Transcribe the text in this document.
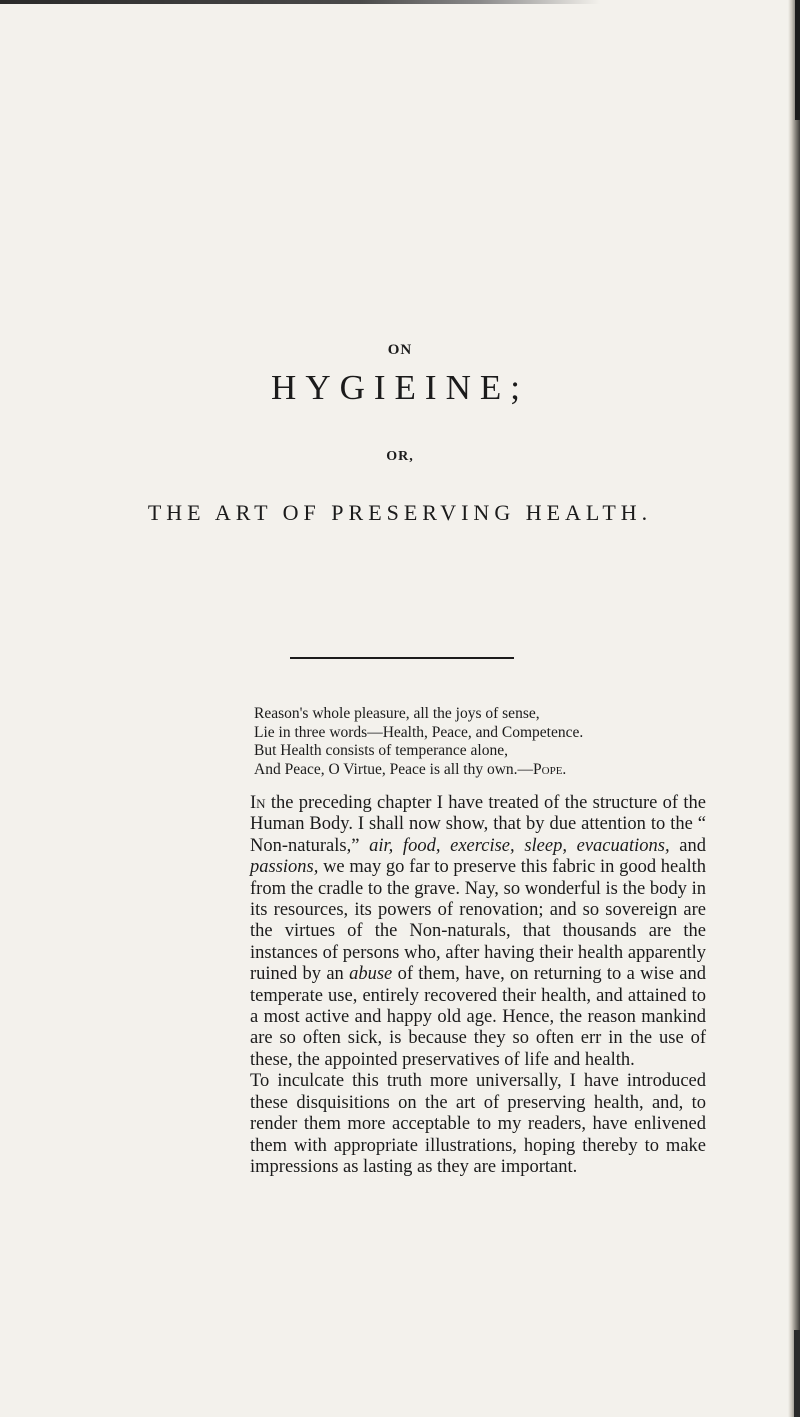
ON
HYGIEINE;
OR,
THE ART OF PRESERVING HEALTH.
Reason's whole pleasure, all the joys of sense,
Lie in three words—Health, Peace, and Competence.
But Health consists of temperance alone,
And Peace, O Virtue, Peace is all thy own.—Pope.

In the preceding chapter I have treated of the structure of the Human Body. I shall now show, that by due attention to the “ Non-naturals,” air, food, exercise, sleep, evacuations, and passions, we may go far to preserve this fabric in good health from the cradle to the grave. Nay, so wonderful is the body in its resources, its powers of renovation; and so sovereign are the virtues of the Non-naturals, that thousands are the instances of persons who, after having their health apparently ruined by an abuse of them, have, on returning to a wise and temperate use, entirely recovered their health, and attained to a most active and happy old age. Hence, the reason mankind are so often sick, is because they so often err in the use of these, the appointed preservatives of life and health.

To inculcate this truth more universally, I have introduced these disquisitions on the art of preserving health, and, to render them more acceptable to my readers, have enlivened them with appropriate illustrations, hoping thereby to make impressions as lasting as they are important.
